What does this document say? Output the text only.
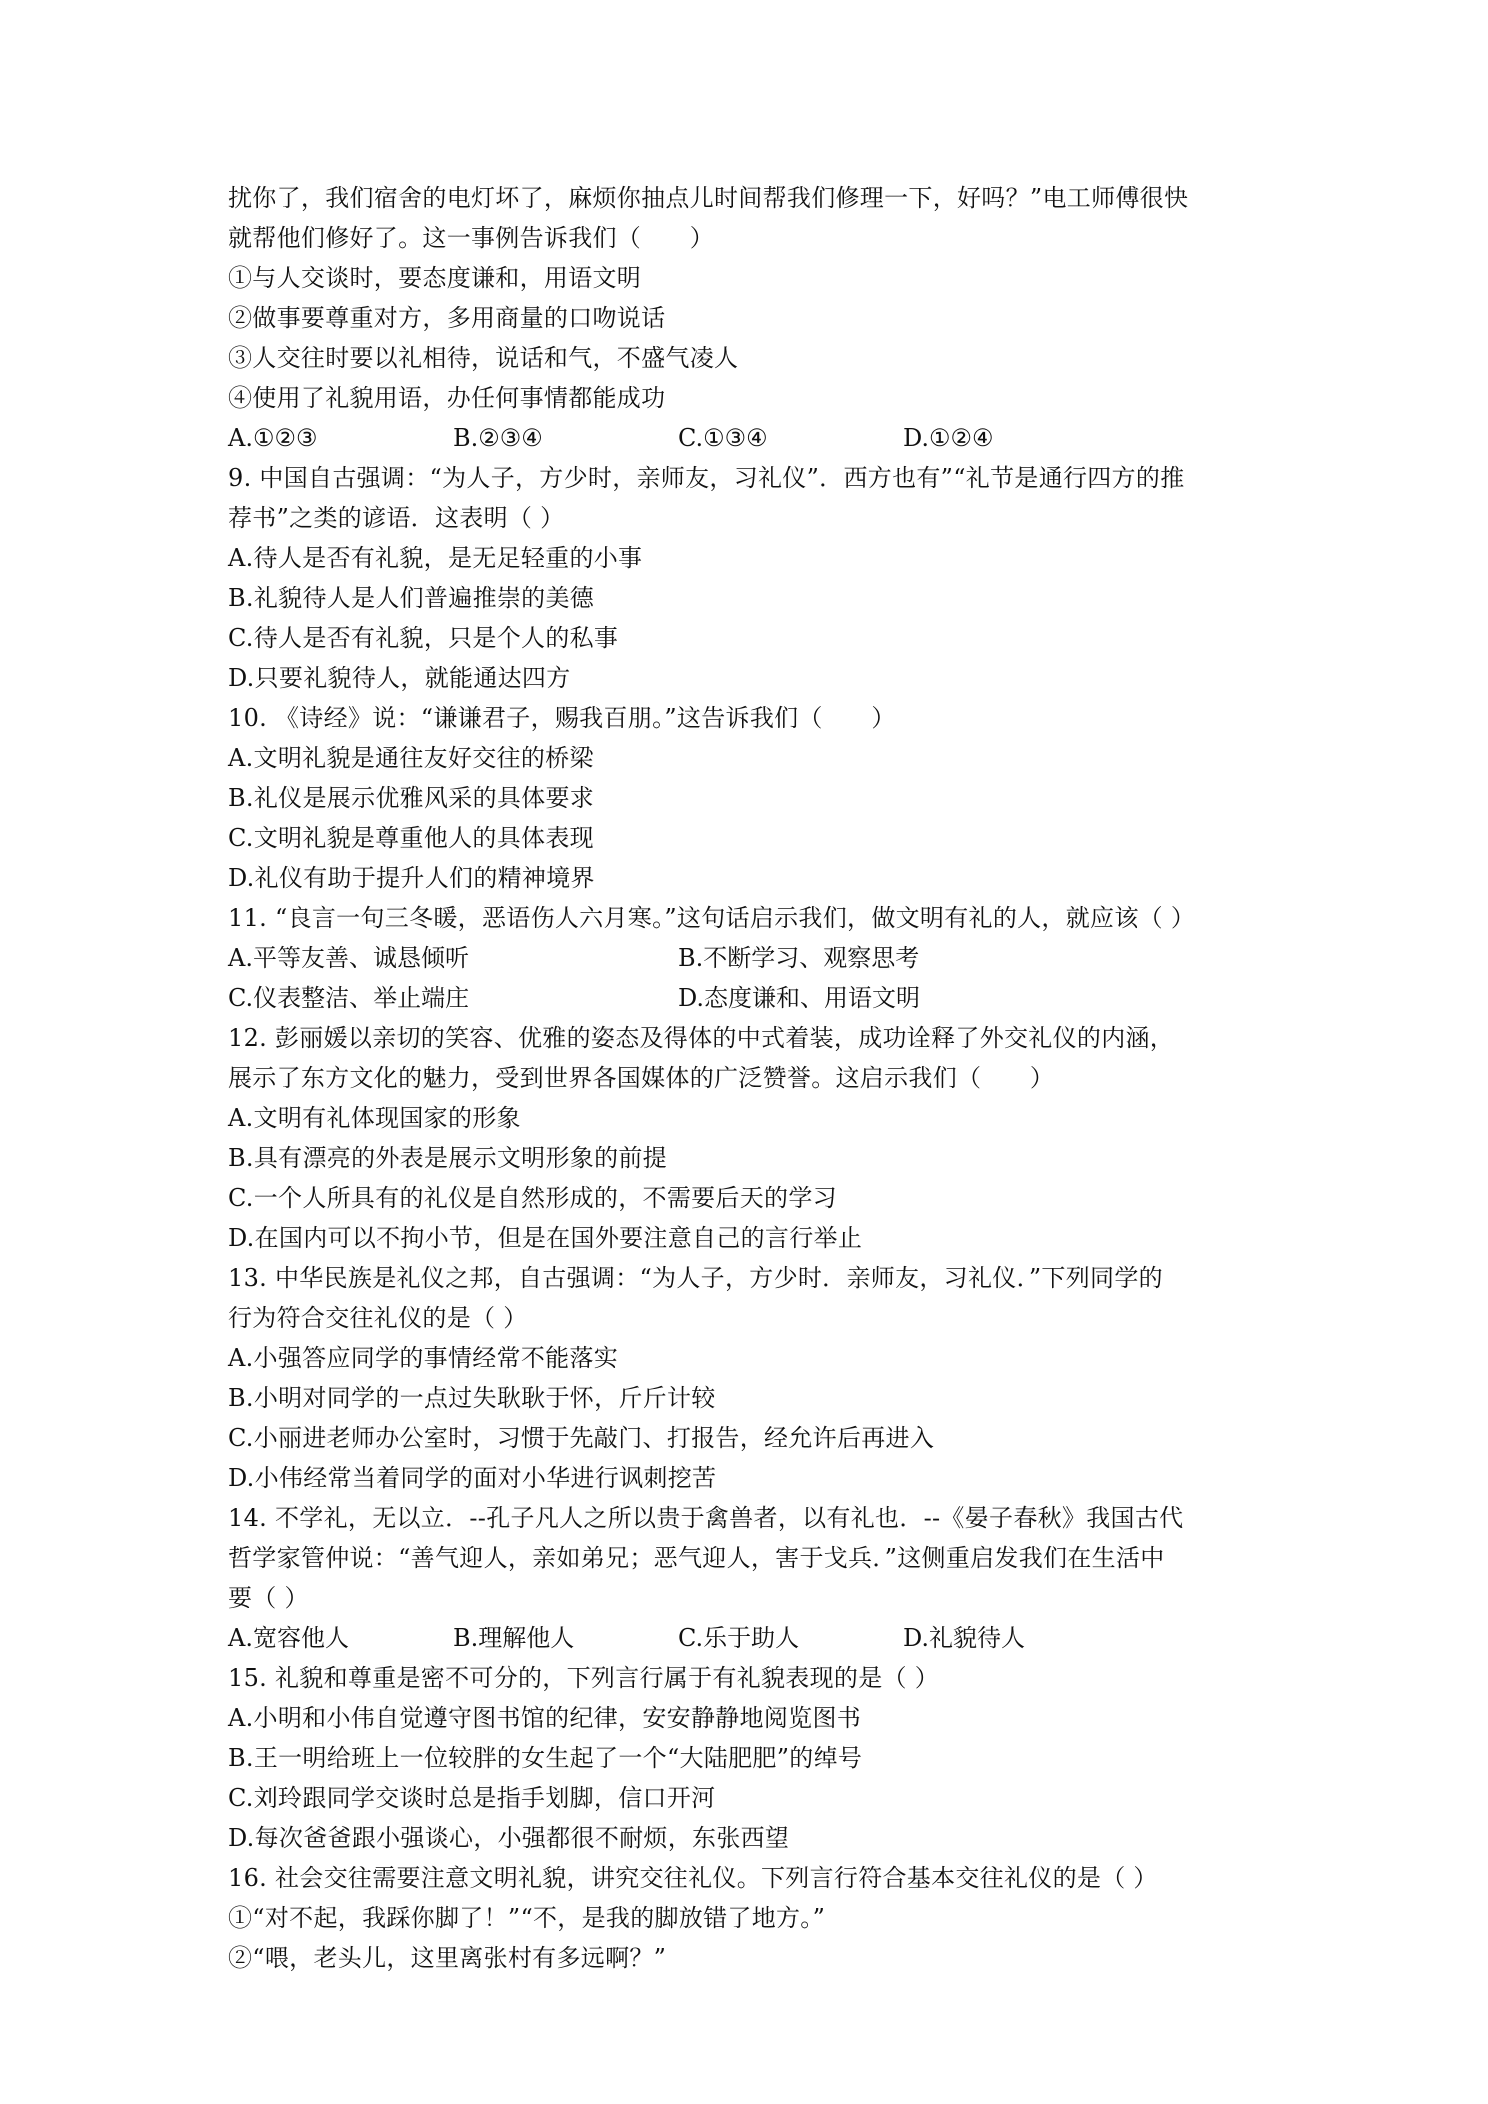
扰你了，我们宿舍的电灯坏了，麻烦你抽点儿时间帮我们修理一下，好吗？”电工师傅很快
就帮他们修好了。这一事例告诉我们（　　）
①与人交谈时，要态度谦和，用语文明
②做事要尊重对方，多用商量的口吻说话
③人交往时要以礼相待，说话和气，不盛气凌人
④使用了礼貌用语，办任何事情都能成功
A.①②③	B.②③④	C.①③④	D.①②④
9. 中国自古强调：“为人子，方少时，亲师友，习礼仪”．西方也有”“礼节是通行四方的推
荐书”之类的谚语．这表明（ ）
A.待人是否有礼貌，是无足轻重的小事
B.礼貌待人是人们普遍推崇的美德
C.待人是否有礼貌，只是个人的私事
D.只要礼貌待人，就能通达四方
10. 《诗经》说：“谦谦君子，赐我百朋。”这告诉我们（　　）
A.文明礼貌是通往友好交往的桥梁
B.礼仪是展示优雅风采的具体要求
C.文明礼貌是尊重他人的具体表现
D.礼仪有助于提升人们的精神境界
11. “良言一句三冬暖，恶语伤人六月寒。”这句话启示我们，做文明有礼的人，就应该（ ）
A.平等友善、诚恳倾听	B.不断学习、观察思考
C.仪表整洁、举止端庄	D.态度谦和、用语文明
12. 彭丽媛以亲切的笑容、优雅的姿态及得体的中式着装，成功诠释了外交礼仪的内涵，
展示了东方文化的魅力，受到世界各国媒体的广泛赞誉。这启示我们（　　）
A.文明有礼体现国家的形象
B.具有漂亮的外表是展示文明形象的前提
C.一个人所具有的礼仪是自然形成的，不需要后天的学习
D.在国内可以不拘小节，但是在国外要注意自己的言行举止
13. 中华民族是礼仪之邦，自古强调：“为人子，方少时．亲师友，习礼仪．”下列同学的
行为符合交往礼仪的是（ ）
A.小强答应同学的事情经常不能落实
B.小明对同学的一点过失耿耿于怀，斤斤计较
C.小丽进老师办公室时，习惯于先敲门、打报告，经允许后再进入
D.小伟经常当着同学的面对小华进行讽刺挖苦
14. 不学礼，无以立．--孔子凡人之所以贵于禽兽者，以有礼也．--《晏子春秋》我国古代
哲学家管仲说：“善气迎人，亲如弟兄；恶气迎人，害于戈兵．”这侧重启发我们在生活中
要（ ）
A.宽容他人	B.理解他人	C.乐于助人	D.礼貌待人
15. 礼貌和尊重是密不可分的，下列言行属于有礼貌表现的是（ ）
A.小明和小伟自觉遵守图书馆的纪律，安安静静地阅览图书
B.王一明给班上一位较胖的女生起了一个“大陆肥肥”的绰号
C.刘玲跟同学交谈时总是指手划脚，信口开河
D.每次爸爸跟小强谈心，小强都很不耐烦，东张西望
16. 社会交往需要注意文明礼貌，讲究交往礼仪。下列言行符合基本交往礼仪的是（ ）
①“对不起，我踩你脚了！”“不，是我的脚放错了地方。”
②“喂，老头儿，这里离张村有多远啊？”
